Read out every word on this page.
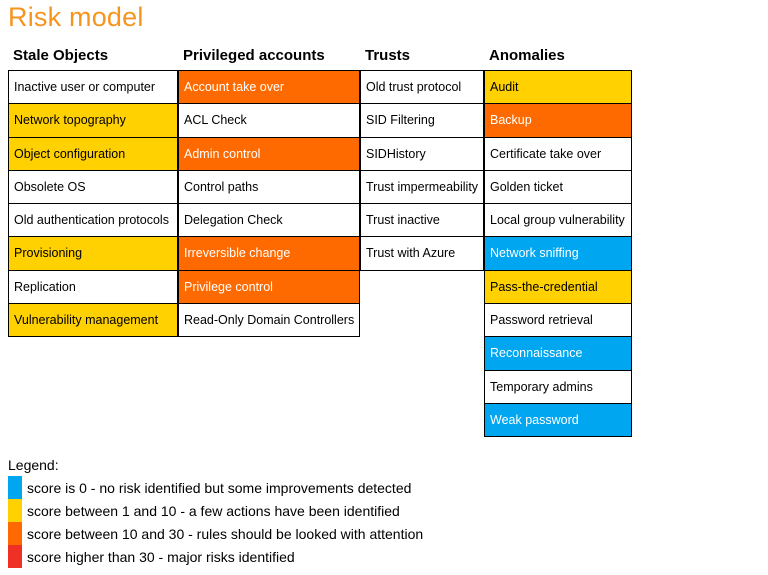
Risk model
Stale Objects
Inactive user or computer
Network topography
Object configuration
Obsolete OS
Old authentication protocols
Provisioning
Replication
Vulnerability management
Privileged accounts
Account take over
ACL Check
Admin control
Control paths
Delegation Check
Irreversible change
Privilege control
Read-Only Domain Controllers
Trusts
Old trust protocol
SID Filtering
SIDHistory
Trust impermeability
Trust inactive
Trust with Azure
Anomalies
Audit
Backup
Certificate take over
Golden ticket
Local group vulnerability
Network sniffing
Pass-the-credential
Password retrieval
Reconnaissance
Temporary admins
Weak password
Legend:
score is 0 - no risk identified but some improvements detected
score between 1 and 10 - a few actions have been identified
score between 10 and 30 - rules should be looked with attention
score higher than 30 - major risks identified
